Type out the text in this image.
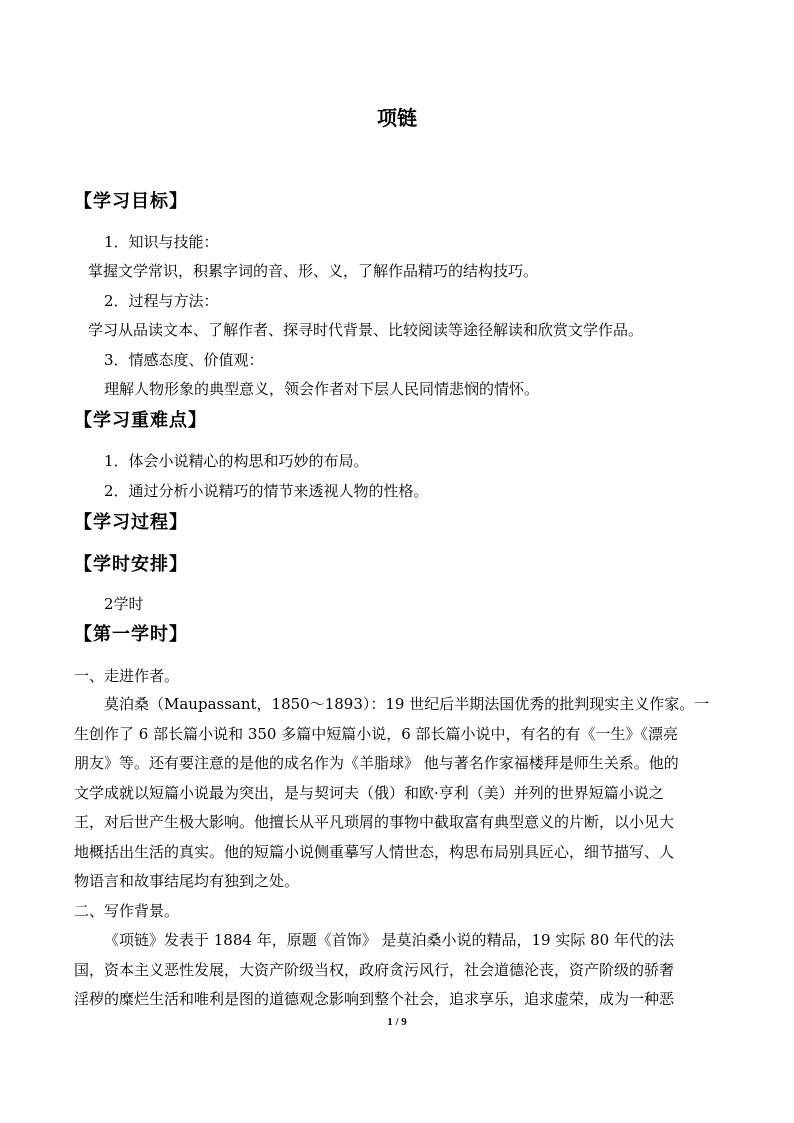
项链
【学习目标】
1．知识与技能：
掌握文学常识，积累字词的音、形、义，了解作品精巧的结构技巧。
2．过程与方法：
学习从品读文本、了解作者、探寻时代背景、比较阅读等途径解读和欣赏文学作品。
3．情感态度、价值观：
理解人物形象的典型意义，领会作者对下层人民同情悲悯的情怀。
【学习重难点】
1．体会小说精心的构思和巧妙的布局。
2．通过分析小说精巧的情节来透视人物的性格。
【学习过程】
【学时安排】
2学时
【第一学时】
一、走进作者。
莫泊桑（Maupassant，1850～1893）：19 世纪后半期法国优秀的批判现实主义作家。一
生创作了 6 部长篇小说和 350 多篇中短篇小说，6 部长篇小说中，有名的有《一生》《漂亮
朋友》等。还有要注意的是他的成名作为《羊脂球》 他与著名作家福楼拜是师生关系。他的
文学成就以短篇小说最为突出，是与契诃夫（俄）和欧·亨利（美）并列的世界短篇小说之
王，对后世产生极大影响。他擅长从平凡琐屑的事物中截取富有典型意义的片断，以小见大
地概括出生活的真实。他的短篇小说侧重摹写人情世态，构思布局别具匠心，细节描写、人
物语言和故事结尾均有独到之处。
二、写作背景。
《项链》发表于 1884 年，原题《首饰》 是莫泊桑小说的精品，19 实际 80 年代的法
国，资本主义恶性发展，大资产阶级当权，政府贪污风行，社会道德沦丧，资产阶级的骄奢
淫秽的糜烂生活和唯利是图的道德观念影响到整个社会，追求享乐，追求虚荣，成为一种恶
1 / 9
